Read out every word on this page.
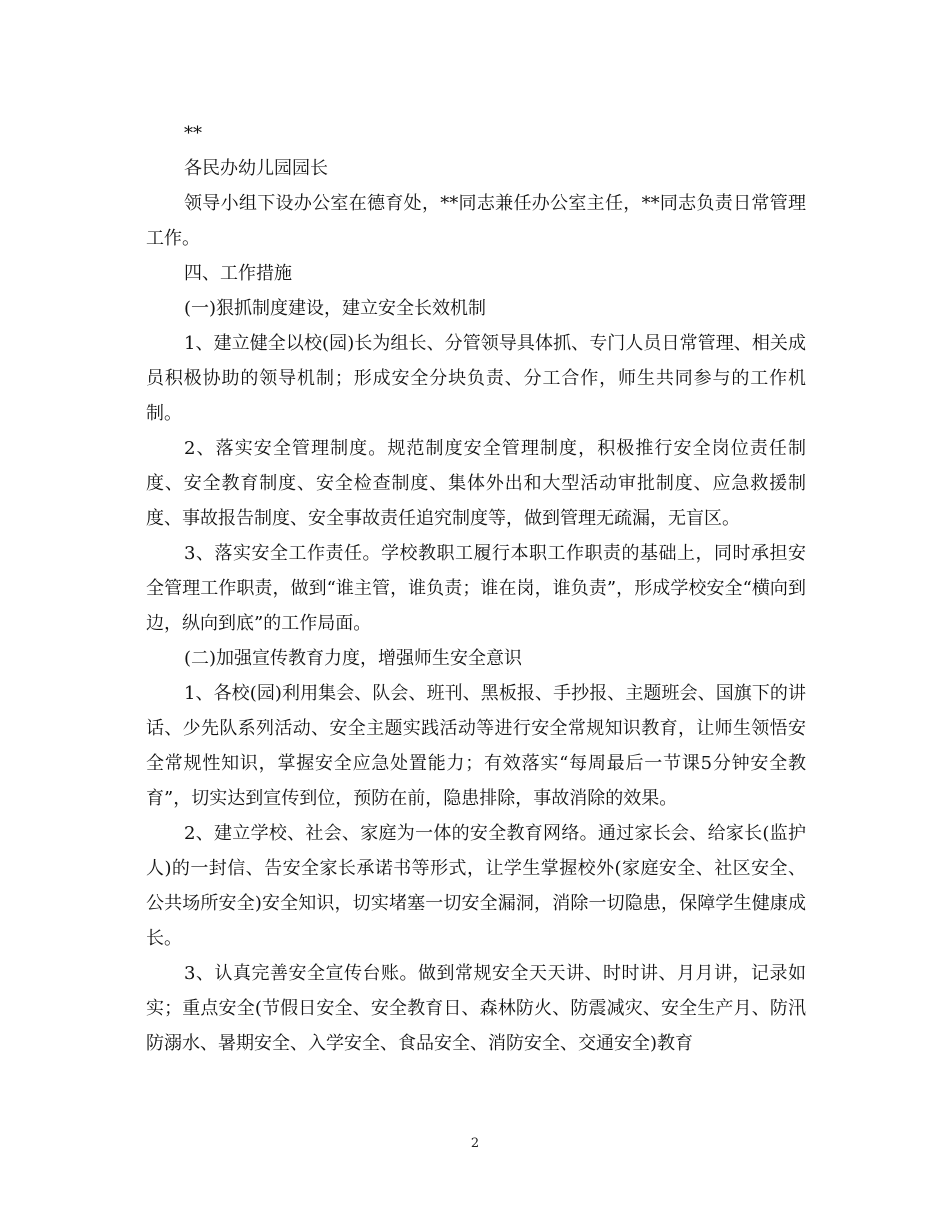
**

各民办幼儿园园长

领导小组下设办公室在德育处，**同志兼任办公室主任，**同志负责日常管理工作。

四、工作措施

(一)狠抓制度建设，建立安全长效机制

1、建立健全以校(园)长为组长、分管领导具体抓、专门人员日常管理、相关成员积极协助的领导机制；形成安全分块负责、分工合作，师生共同参与的工作机制。

2、落实安全管理制度。规范制度安全管理制度，积极推行安全岗位责任制度、安全教育制度、安全检查制度、集体外出和大型活动审批制度、应急救援制度、事故报告制度、安全事故责任追究制度等，做到管理无疏漏，无盲区。

3、落实安全工作责任。学校教职工履行本职工作职责的基础上，同时承担安全管理工作职责，做到“谁主管，谁负责；谁在岗，谁负责”，形成学校安全“横向到边，纵向到底”的工作局面。

(二)加强宣传教育力度，增强师生安全意识

1、各校(园)利用集会、队会、班刊、黑板报、手抄报、主题班会、国旗下的讲话、少先队系列活动、安全主题实践活动等进行安全常规知识教育，让师生领悟安全常规性知识，掌握安全应急处置能力；有效落实“每周最后一节课5分钟安全教育”，切实达到宣传到位，预防在前，隐患排除，事故消除的效果。

2、建立学校、社会、家庭为一体的安全教育网络。通过家长会、给家长(监护人)的一封信、告安全家长承诺书等形式，让学生掌握校外(家庭安全、社区安全、公共场所安全)安全知识，切实堵塞一切安全漏洞，消除一切隐患，保障学生健康成长。

3、认真完善安全宣传台账。做到常规安全天天讲、时时讲、月月讲，记录如实；重点安全(节假日安全、安全教育日、森林防火、防震减灾、安全生产月、防汛防溺水、暑期安全、入学安全、食品安全、消防安全、交通安全)教育

2
